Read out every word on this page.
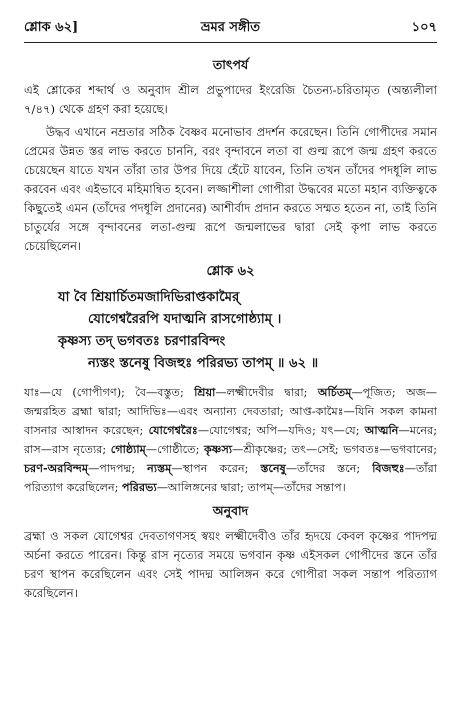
শ্লোক ৬২]	ভ্রমর সঙ্গীত	১০৭
তাৎপর্য

এই শ্লোকের শব্দার্থ ও অনুবাদ শ্রীল প্রভুপাদের ইংরেজি চৈতন্য-চরিতামৃত (অন্ত্যলীলা ৭/৪৭) থেকে গ্রহণ করা হয়েছে।

উদ্ধব এখানে নম্রতার সঠিক বৈষ্ণব মনোভাব প্রদর্শন করেছেন। তিনি গোপীদের সমান প্রেমের উন্নত স্তর লাভ করতে চাননি, বরং বৃন্দাবনে লতা বা গুল্ম রূপে জন্ম গ্রহণ করতে চেয়েছেন যাতে যখন তাঁরা তার উপর দিয়ে হেঁটে যাবেন, তিনি তখন তাঁদের পদধূলি লাভ করবেন এবং এইভাবে মহিমান্বিত হবেন। লজ্জাশীলা গোপীরা উদ্ধবের মতো মহান ব্যক্তিত্বকে কিছুতেই এমন (তাঁদের পদধূলি প্রদানের) আশীর্বাদ প্রদান করতে সম্মত হতেন না, তাই তিনি চাতুর্যের সঙ্গে বৃন্দাবনের লতা-গুল্ম রূপে জন্মলাভের দ্বারা সেই কৃপা লাভ করতে চেয়েছিলেন।

শ্লোক ৬২
যা বৈ শ্রিয়ার্চিতমজাদিভিরাপ্তকামৈর্
যোগেশ্বরৈরপি যদাত্মনি রাসগোষ্ঠ্যাম্ ।
কৃষ্ণস্য তদ্ ভগবতঃ চরণারবিন্দং
ন্যস্তং স্তনেষু বিজহুঃ পরিরভ্য তাপম্ ॥ ৬২ ॥
যাঃ—যে (গোপীগণ); বৈ—বস্তুত; শ্রিয়া—লক্ষ্মীদেবীর দ্বারা; অর্চিতম্—পূজিত; অজ—জন্মরহিত ব্রহ্মা দ্বারা; আদিভিঃ—এবং অন্যান্য দেবতারা; আপ্ত-কামৈঃ—যিনি সকল কামনা বাসনার আস্বাদন করেছেন; যোগেশ্বরৈঃ—যোগেশ্বর; অপি—যদিও; যৎ—যে; আত্মনি—মনের; রাস—রাস নৃত্যের; গোষ্ঠ্যাম্—গোষ্ঠীতে; কৃষ্ণস্য—শ্রীকৃষ্ণের; তৎ—সেই; ভগবতঃ—ভগবানের; চরণ-অরবিন্দম্—পাদপদ্ম; ন্যস্তম্—স্থাপন করেন; স্তনেষু—তাঁদের স্তনে; বিজহুঃ—তাঁরা পরিত্যাগ করেছিলেন; পরিরভ্য—আলিঙ্গনের দ্বারা; তাপম্—তাঁদের সন্তাপ।
অনুবাদ

ব্রহ্মা ও সকল যোগেশ্বর দেবতাগণসহ স্বয়ং লক্ষ্মীদেবীও তাঁর হৃদয়ে কেবল কৃষ্ণের পাদপদ্ম অর্চনা করতে পারেন। কিন্তু রাস নৃত্যের সময়ে ভগবান কৃষ্ণ এইসকল গোপীদের স্তনে তাঁর চরণ স্থাপন করেছিলেন এবং সেই পাদদ্ম আলিঙ্গন করে গোপীরা সকল সন্তাপ পরিত্যাগ করেছিলেন।
